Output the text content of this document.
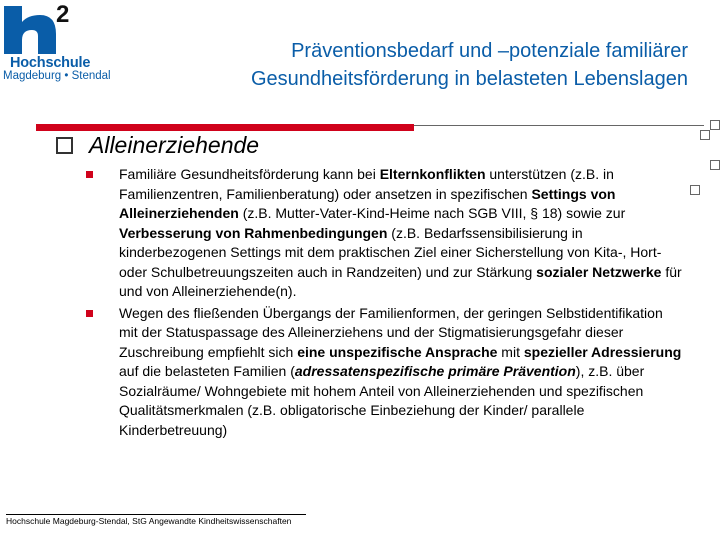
2
Hochschule
Magdeburg • Stendal
Präventionsbedarf und –potenziale familiärer
Gesundheitsförderung in belasteten Lebenslagen
Alleinerziehende
Familiäre Gesundheitsförderung kann bei Elternkonflikten unterstützen (z.B. in Familienzentren, Familienberatung) oder ansetzen in spezifischen Settings von Alleinerziehenden (z.B. Mutter-Vater-Kind-Heime nach SGB VIII, § 18) sowie zur Verbesserung von Rahmenbedingungen (z.B. Bedarfssensibilisierung in kinderbezogenen Settings mit dem praktischen Ziel einer Sicherstellung von Kita-, Hort- oder Schulbetreuungszeiten auch in Randzeiten) und zur Stärkung sozialer Netzwerke für und von Alleinerziehende(n).
Wegen des fließenden Übergangs der Familienformen, der geringen Selbstidentifikation mit der Statuspassage des Alleinerziehens und der Stigmatisierungsgefahr dieser Zuschreibung empfiehlt sich eine unspezifische Ansprache mit spezieller Adressierung auf die belasteten Familien (adressatenspezifische primäre Prävention), z.B. über Sozialräume/ Wohngebiete mit hohem Anteil von Alleinerziehenden und spezifischen Qualitätsmerkmalen (z.B. obligatorische Einbeziehung der Kinder/ parallele Kinderbetreuung)
Hochschule Magdeburg-Stendal, StG Angewandte Kindheitswissenschaften
